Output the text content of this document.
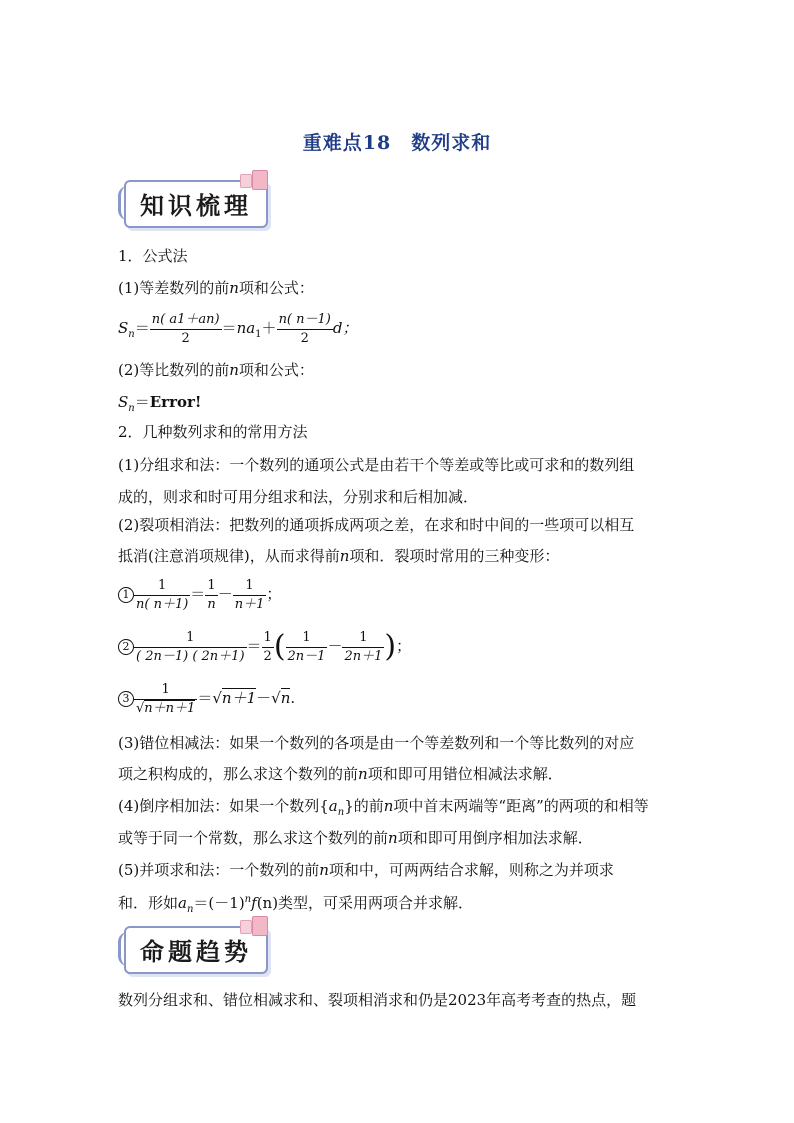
重难点18　数列求和
知识梳理
1．公式法
(1)等差数列的前n项和公式：
$S_n= \frac{n( a1+an)}{2} =na_1+ \frac{n( n-1)}{2}$ d；
(2)等比数列的前n项和公式：
$S_n=Error$!
2．几种数列求和的常用方法
(1)分组求和法：一个数列的通项公式是由若干个等差或等比或可求和的数列组
成的，则求和时可用分组求和法，分别求和后相加减．
(2)裂项相消法：把数列的通项拆成两项之差，在求和时中间的一些项可以相互
抵消(注意消项规律)，从而求得前n项和．裂项时常用的三种变形：
$1 \frac{1}{n( n+1)} = \frac{1}{n} - \frac{1}{n+1}$ ；
$2 \frac{1}{( 2n-1) ( 2n+1)} = \frac{1}{2}$ ( $\frac{1}{2n-1} - \frac{1}{2n+1}$ )；
$3 \frac{1}{√n+n+1} =√n+1-√n$.
(3)错位相减法：如果一个数列的各项是由一个等差数列和一个等比数列的对应
项之积构成的，那么求这个数列的前n项和即可用错位相减法求解．
(4)倒序相加法：如果一个数列$\{a_n\}$的前n项中首末两端等“距离”的两项的和相等
或等于同一个常数，那么求这个数列的前n项和即可用倒序相加法求解．
(5)并项求和法：一个数列的前n项和中，可两两结合求解，则称之为并项求
和．形如$a_n=(-1)^nf(n)$类型，可采用两项合并求解．
命题趋势
数列分组求和、错位相减求和、裂项相消求和仍是2023年高考考查的热点，题
